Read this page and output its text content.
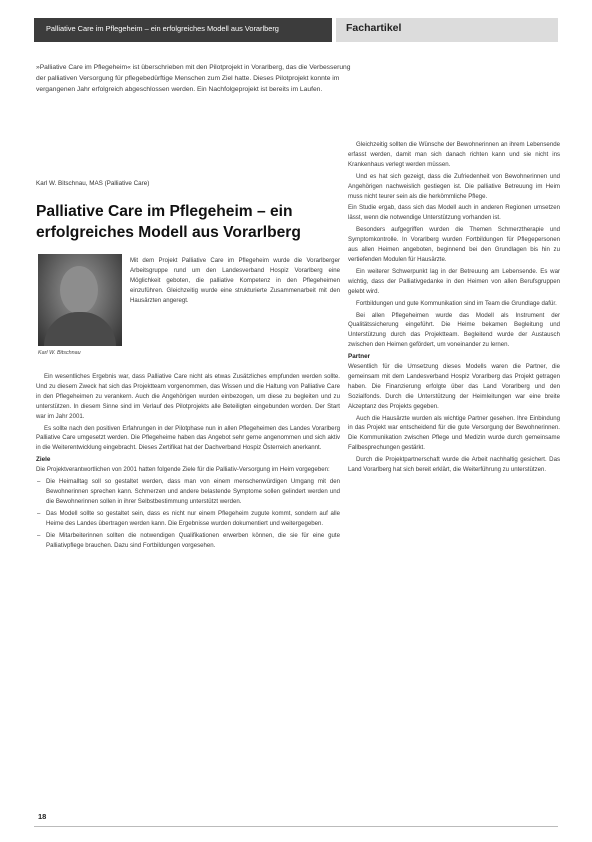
Palliative Care im Pflegeheim – ein erfolgreiches Modell aus Vorarlberg	Fachartikel
»Palliative Care im Pflegeheim« ist überschrieben mit den Pilotprojekt in Vorarlberg, das die Verbesserung der palliativen Versorgung für pflegebedürftige Menschen zum Ziel hatte. Dieses Pilotprojekt konnte im vergangenen Jahr erfolgreich abgeschlossen werden. Ein Nachfolgeprojekt ist bereits im Laufen.
Karl W. Bitschnau, MAS (Palliative Care)
Palliative Care im Pflegeheim – ein erfolgreiches Modell aus Vorarlberg
Karl W. Bitschnau

Mit dem Projekt Palliative Care im Pflegeheim wurde die Vorarlberger Arbeitsgruppe rund um den Landesverband Hospiz Vorarlberg eine Möglichkeit geboten, die palliative Kompetenz in den Pflegeheimen einzuführen. Gleichzeitig wurde eine strukturierte Zusammenarbeit mit den Hausärzten angeregt.

Ein wesentliches Ergebnis war, dass Palliative Care nicht als etwas Zusätzliches empfunden werden sollte. Und zu diesem Zweck hat sich das Projektteam vorgenommen, das Wissen und die Haltung von Palliative Care in den Pflegeheimen zu verankern. Auch die Angehörigen wurden einbezogen, um diese zu begleiten und zu unterstützen. In diesem Sinne sind im Verlauf des Pilotprojekts alle Beteiligten eingebunden worden. Der Start war im Jahr 2001.

Es sollte nach den positiven Erfahrungen in der Pilotphase nun in allen Pflegeheimen des Landes Vorarlberg Palliative Care umgesetzt werden. Die Pflegeheime haben das Angebot sehr gerne angenommen und sich aktiv in die Weiterentwicklung eingebracht. Dieses Zertifikat hat der Dachverband Hospiz Österreich anerkannt.

Ziele

Die Projektverantwortlichen von 2001 hatten folgende Ziele für die Palliativ-Versorgung im Heim vorgegeben:

– Die Heimalltag soll so gestaltet werden, dass man von einem menschenwürdigen Umgang mit den Bewohnerinnen sprechen kann. Schmerzen und andere belastende Symptome sollen gelindert werden und die Bewohnerinnen sollen in ihrer Selbstbestimmung unterstützt werden.
– Das Modell sollte so gestaltet sein, dass es nicht nur einem Pflegeheim zugute kommt, sondern auf alle Heime des Landes übertragen werden kann. Die Ergebnisse wurden dokumentiert und weitergegeben.
– Die Mitarbeiterinnen sollten die notwendigen Qualifikationen erwerben können, die sie für eine gute Palliativpflege brauchen. Dazu sind Fortbildungen vorgesehen.

Gleichzeitig sollten die Wünsche der Bewohnerinnen an ihrem Lebensende erfasst werden, damit man sich danach richten kann und sie nicht ins Krankenhaus verlegt werden müssen.

Und es hat sich gezeigt, dass die Zufriedenheit von Bewohnerinnen und Angehörigen nachweislich gestiegen ist. Die palliative Betreuung im Heim muss nicht teurer sein als die herkömmliche Pflege.

Ein Studie ergab, dass sich das Modell auch in anderen Regionen umsetzen lässt, wenn die notwendige Unterstützung vorhanden ist.

Besonders aufgegriffen wurden die Themen Schmerztherapie und Symptomkontrolle. In Vorarlberg wurden Fortbildungen für Pflegepersonen aus allen Heimen angeboten, beginnend bei den Grundlagen bis hin zu vertiefenden Modulen für Hausärzte.

Ein weiterer Schwerpunkt lag in der Betreuung am Lebensende. Es war wichtig, dass der Palliativgedanke in den Heimen von allen Berufsgruppen gelebt wird.

Fortbildungen und gute Kommunikation sind im Team die Grundlage dafür.

Bei allen Pflegeheimen wurde das Modell als Instrument der Qualitätssicherung eingeführt. Die Heime bekamen Begleitung und Unterstützung durch das Projektteam. Begleitend wurde der Austausch zwischen den Heimen gefördert, um voneinander zu lernen.

Partner

Wesentlich für die Umsetzung dieses Modells waren die Partner, die gemeinsam mit dem Landesverband Hospiz Vorarlberg das Projekt getragen haben. Die Finanzierung erfolgte über das Land Vorarlberg und den Sozialfonds. Durch die Unterstützung der Heimleitungen war eine breite Akzeptanz des Projekts gegeben.

Auch die Hausärzte wurden als wichtige Partner gesehen. Ihre Einbindung in das Projekt war entscheidend für die gute Versorgung der Bewohnerinnen. Die Kommunikation zwischen Pflege und Medizin wurde durch gemeinsame Fallbesprechungen gestärkt.

Durch die Projektpartnerschaft wurde die Arbeit nachhaltig gesichert. Das Land Vorarlberg hat sich bereit erklärt, die Weiterführung zu unterstützen.

18
